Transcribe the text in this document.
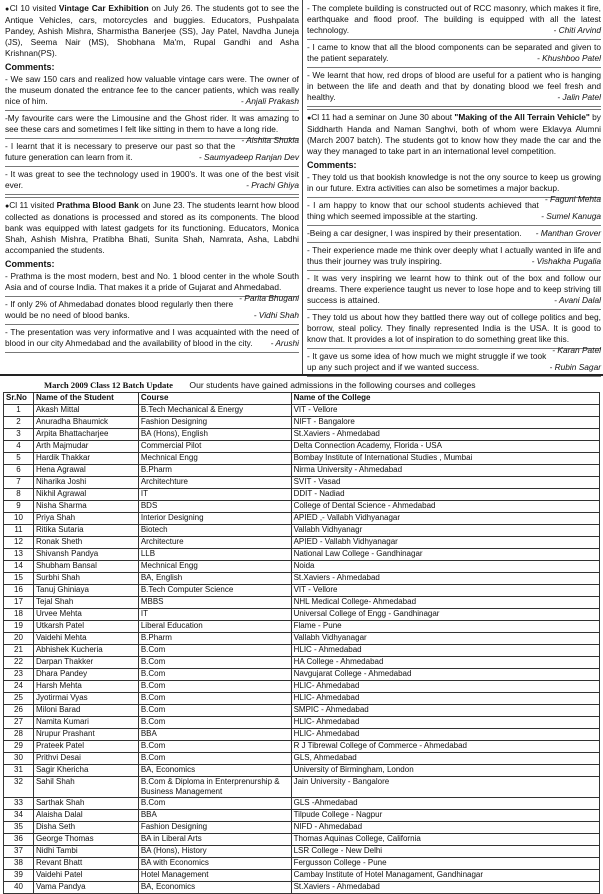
● Cl 10 visited Vintage Car Exhibition on July 26. The students got to see the Antique Vehicles, cars, motorcycles and buggies. Educators, Pushpalata Pandey, Ashish Mishra, Sharmistha Banerjee (SS), Jay Patel, Navdha Juneja (JS), Seema Nair (MS), Shobhana Ma'm, Rupal Gandhi and Asha Krishnan(PS).

Comments:

- We saw 150 cars and realized how valuable vintage cars were. The owner of the museum donated the entrance fee to the cancer patients, which was really nice of him.	- Anjali Prakash

-My favourite cars were the Limousine and the Ghost rider. It was amazing to see these cars and sometimes I felt like sitting in them to have a long ride.
- Aishita Shukla

- I learnt that it is necessary to preserve our past so that the future generation can learn from it.	- Saumyadeep Ranjan Dev

- It was great to see the technology used in 1900's. It was one of the best visit ever.	- Prachi Ghiya

● Cl 11 visited Prathma Blood Bank on June 23. The students learnt how blood collected as donations is processed and stored as its components. The blood bank was equipped with latest gadgets for its functioning. Educators, Monica Shah, Ashish Mishra, Pratibha Bhati, Sunita Shah, Namrata, Asha, Labdhi accompanied the students.

Comments:

- Prathma is the most modern, best and No. 1 blood center in the whole South Asia and of course India. That makes it a pride of Gujarat and Ahmedabad.
- Parita Bhugani

- If only 2% of Ahmedabad donates blood regularly then there would be no need of blood banks.	- Vidhi Shah

- The presentation was very informative and I was acquainted with the need of blood in our city Ahmedabad and the availability of blood in the city.	- Arushi

- The complete building is constructed out of RCC masonry, which makes it fire, earthquake and flood proof. The building is equipped with all the latest technology.	- Chiti Arvind

- I came to know that all the blood components can be separated and given to the patient separately.	- Khushboo Patel

- We learnt that how, red drops of blood are useful for a patient who is hanging in between the life and death and that by donating blood we feel fresh and healthy.	- Jalin Patel

● Cl 11 had a seminar on June 30 about "Making of the All Terrain Vehicle" by Siddharth Handa and Naman Sanghvi, both of whom were Eklavya Alumni (March 2007 batch). The students got to know how they made the car and the way they managed to take part in an international level competition.

Comments:

- They told us that bookish knowledge is not the ony source to keep us growing in our future. Extra activities can also be sometimes a major backup.
- Faguni Mehta

- I am happy to know that our school students achieved that thing which seemed impossible at the starting.	- Sumel Kanuga

-Being a car designer, I was inspired by their presentation.	- Manthan Grover

- Their experience made me think over deeply what I actually wanted in life and thus their journey was truly inspiring.	- Vishakha Pugalia

- It was very inspiring we learnt how to think out of the box and follow our dreams. There experience taught us never to lose hope and to keep striving till success is attained.	- Avani Dalal

- They told us about how they battled there way out of college politics and beg, borrow, steal policy. They finally represented India is the USA. It is good to know that. It provides a lot of inspiration to do something great like this.
- Karan Patel

- It gave us some idea of how much we might struggle if we took up any such project and if we wanted success.	- Rubin Sagar

March 2009 Class 12 Batch Update Our students have gained admissions in the following courses and colleges
Sr.No	Name of the Student	Course	Name of the College
1	Akash Mittal	B.Tech Mechanical & Energy	VIT - Vellore
2	Anuradha Bhaumick	Fashion Designing	NIFT - Bangalore
3	Arpita Bhattacharjee	BA (Hons), English	St.Xaviers - Ahmedabad
4	Arth Majmudar	Commercial Pilot	Delta Connection Academy, Florida - USA
5	Hardik Thakkar	Mechnical Engg	Bombay Institute of International Studies , Mumbai
6	Hena Agrawal	B.Pharm	Nirma University - Ahmedabad
7	Niharika Joshi	Architechture	SVIT - Vasad
8	Nikhil Agrawal	IT	DDIT - Nadiad
9	Nisha Sharma	BDS	College of Dental Science - Ahmedabad
10	Priya Shah	Interior Designing	APIED ,- Vallabh Vidhyanagar
11	Ritika Sutaria	Biotech	Vallabh Vidhyanagr
12	Ronak Sheth	Architecture	APIED - Vallabh Vidhyanagar
13	Shivansh Pandya	LLB	National Law College - Gandhinagar
14	Shubham Bansal	Mechnical Engg	Noida
15	Surbhi Shah	BA, English	St.Xaviers - Ahmedabad
16	Tanuj Ghiniaya	B.Tech Computer Science	VIT - Vellore
17	Tejal Shah	MBBS	NHL Medical College- Ahmedabad
18	Urvee Mehta	IT	Universal College of Engg - Gandhinagar
19	Utkarsh Patel	Liberal Education	Flame - Pune
20	Vaidehi Mehta	B.Pharm	Vallabh Vidhyanagar
21	Abhishek Kucheria	B.Com	HLIC - Ahmedabad
22	Darpan Thakker	B.Com	HA College - Ahmedabad
23	Dhara Pandey	B.Com	Navgujarat College - Ahmedabad
24	Harsh Mehta	B.Com	HLIC- Ahmedabad
25	Jyotirmai Vyas	B.Com	HLIC- Ahmedabad
26	Miloni Barad	B.Com	SMPIC - Ahmedabad
27	Namita Kumari	B.Com	HLIC- Ahmedabad
28	Nrupur Prashant	BBA	HLIC- Ahmedabad
29	Prateek Patel	B.Com	R J Tibrewal College of Commerce - Ahmedabad
30	Prithvi Desai	B.Com	GLS, Ahmedabad
31	Sagir Khericha	BA, Economics	University of Birmingham, London
32	Sahil Shah	B.Com & Diploma in Enterprenurship & Business Management	Jain University - Bangalore
33	Sarthak Shah	B.Com	GLS -Ahmedabad
34	Alaisha Dalal	BBA	Tilpude College - Nagpur
35	Disha Seth	Fashion Designing	NIFD - Ahmedabad
36	George Thomas	BA in Liberal Arts	Thomas Aquinas College, California
37	Nidhi Tambi	BA (Hons), History	LSR College - New Delhi
38	Revant Bhatt	BA with Economics	Fergusson College - Pune
39	Vaidehi Patel	Hotel Management	Cambay Institute of Hotel Managament, Gandhinagar
40	Vama Pandya	BA, Economics	St.Xaviers - Ahmedabad
